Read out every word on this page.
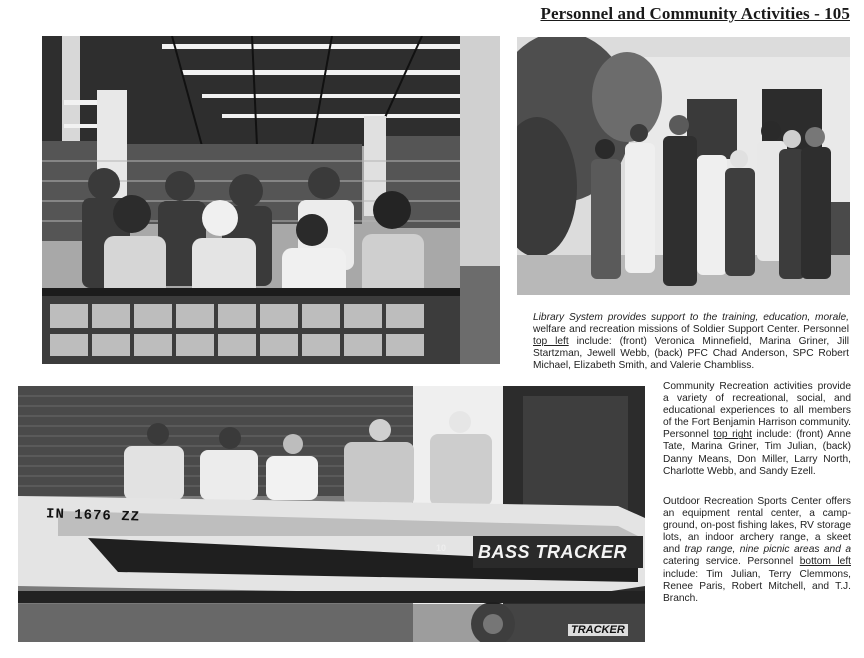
Personnel and Community Activities - 105
Library System provides support to the training, education, morale, welfare and recreation missions of Soldier Support Center. Personnel top left include: (front) Veronica Minnefield, Marina Griner, Jill Startzman, Jewell Webb, (back) PFC Chad Anderson, SPC Robert Michael, Elizabeth Smith, and Valerie Chambliss.
IN 1676 ZZ
10 BASS TRACKER
TRACKER
Community Recreation activities provide a variety of recreational, social, and educational experiences to all members of the Fort Benjamin Harrison community. Personnel top right include: (front) Anne Tate, Marina Griner, Tim Julian, (back) Danny Means, Don Miller, Larry North, Charlotte Webb, and Sandy Ezell.
Outdoor Recreation Sports Center offers an equipment rental center, a camp-ground, on-post fishing lakes, RV storage lots, an indoor archery range, a skeet and trap range, nine picnic areas and a catering service. Personnel bottom left include: Tim Julian, Terry Clemmons, Renee Paris, Robert Mitchell, and T.J. Branch.
